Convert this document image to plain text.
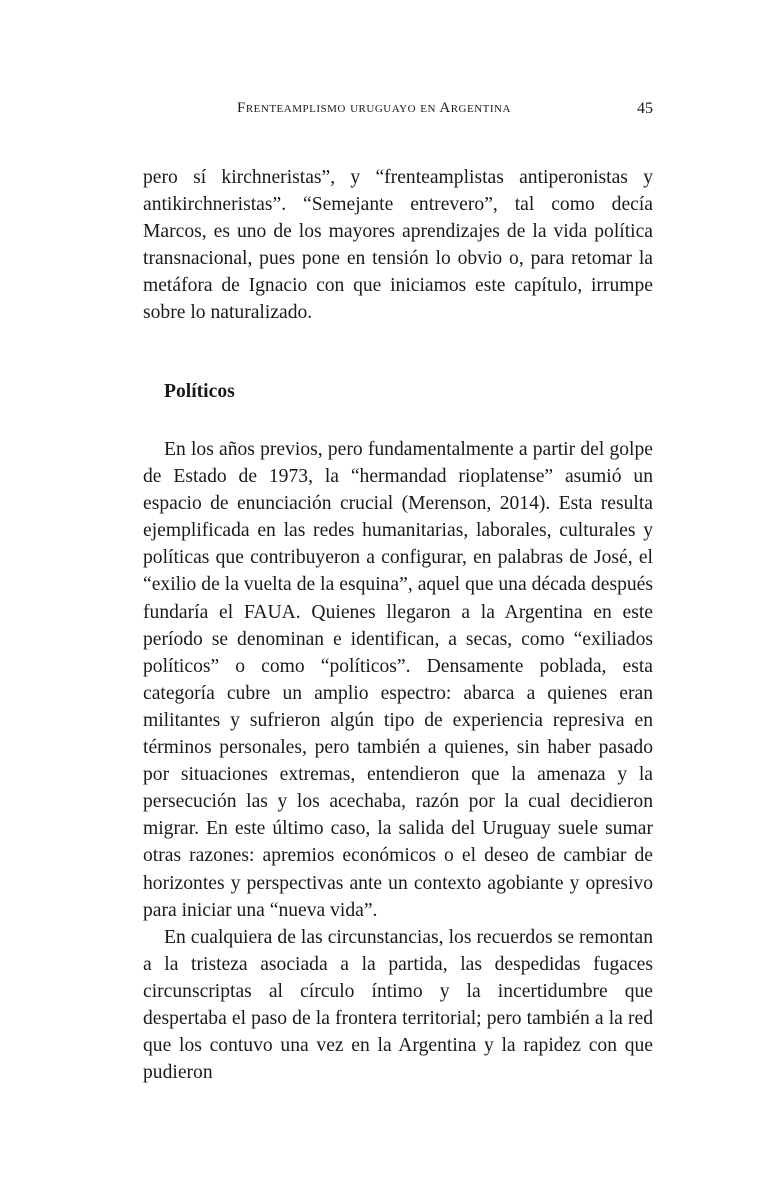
Frenteamplismo uruguayo en Argentina	45

pero sí kirchneristas”, y “frenteamplistas antiperonistas y antikirchneristas”. “Semejante entrevero”, tal como decía Marcos, es uno de los mayores aprendizajes de la vida política transnacional, pues pone en tensión lo obvio o, para retomar la metáfora de Ignacio con que iniciamos este capítulo, irrumpe sobre lo naturalizado.

Políticos

En los años previos, pero fundamentalmente a partir del golpe de Estado de 1973, la “hermandad rioplatense” asumió un espacio de enunciación crucial (Merenson, 2014). Esta resulta ejemplificada en las redes humanitarias, laborales, culturales y políticas que contribuyeron a configurar, en palabras de José, el “exilio de la vuelta de la esquina”, aquel que una década después fundaría el FAUA. Quienes llegaron a la Argentina en este período se denominan e identifican, a secas, como “exiliados políticos” o como “políticos”. Densamente poblada, esta categoría cubre un amplio espectro: abarca a quienes eran militantes y sufrieron algún tipo de experiencia represiva en términos personales, pero también a quienes, sin haber pasado por situaciones extremas, entendieron que la amenaza y la persecución las y los acechaba, razón por la cual decidieron migrar. En este último caso, la salida del Uruguay suele sumar otras razones: apremios económicos o el deseo de cambiar de horizontes y perspectivas ante un contexto agobiante y opresivo para iniciar una “nueva vida”.

En cualquiera de las circunstancias, los recuerdos se remontan a la tristeza asociada a la partida, las despedidas fugaces circunscriptas al círculo íntimo y la incertidumbre que despertaba el paso de la frontera territorial; pero también a la red que los contuvo una vez en la Argentina y la rapidez con que pudieron
